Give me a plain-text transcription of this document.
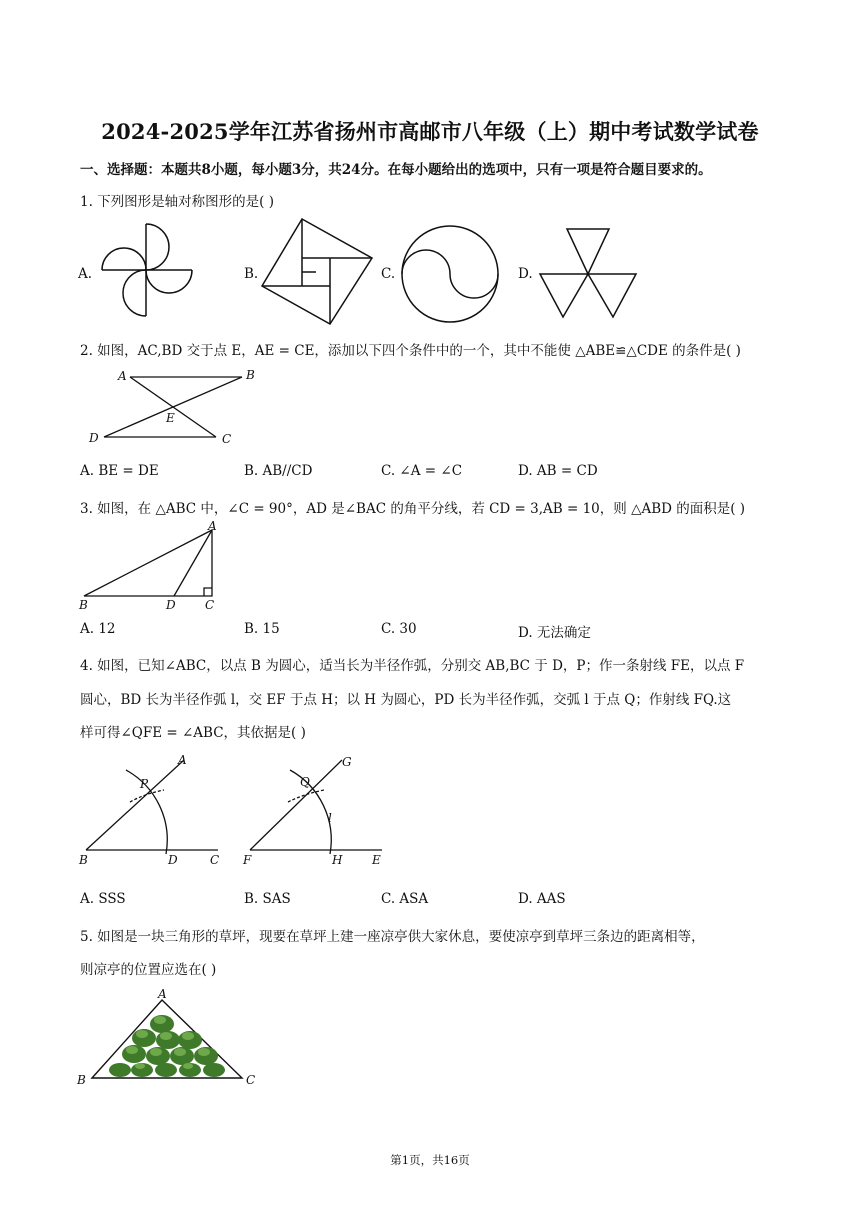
2024-2025学年江苏省扬州市高邮市八年级（上）期中考试数学试卷
一、选择题：本题共8小题，每小题3分，共24分。在每小题给出的选项中，只有一项是符合题目要求的。
1. 下列图形是轴对称图形的是( )
A.	B.	C.	D.
2. 如图，AC,BD 交于点 E，AE = CE，添加以下四个条件中的一个，其中不能使 △ABE≌△CDE 的条件是( )
A	B
E
D	C
A. BE = DE	B. AB//CD	C. ∠A = ∠C	D. AB = CD
3. 如图，在 △ABC 中，∠C = 90°，AD 是∠BAC 的角平分线，若 CD = 3,AB = 10，则 △ABD 的面积是( )
A
B	D C
A. 12	B. 15	C. 30	D. 无法确定
4. 如图，已知∠ABC，以点 B 为圆心，适当长为半径作弧，分别交 AB,BC 于 D，P；作一条射线 FE，以点 F
圆心，BD 长为半径作弧 l，交 EF 于点 H；以 H 为圆心，PD 长为半径作弧，交弧 l 于点 Q；作射线 FQ.这
样可得∠QFE = ∠ABC，其依据是( )
A
P
B	D	C
G
Q
l
F	H E
A. SSS	B. SAS	C. ASA	D. AAS
5. 如图是一块三角形的草坪，现要在草坪上建一座凉亭供大家休息，要使凉亭到草坪三条边的距离相等，
则凉亭的位置应选在( )
A
B	C
第1页，共16页
